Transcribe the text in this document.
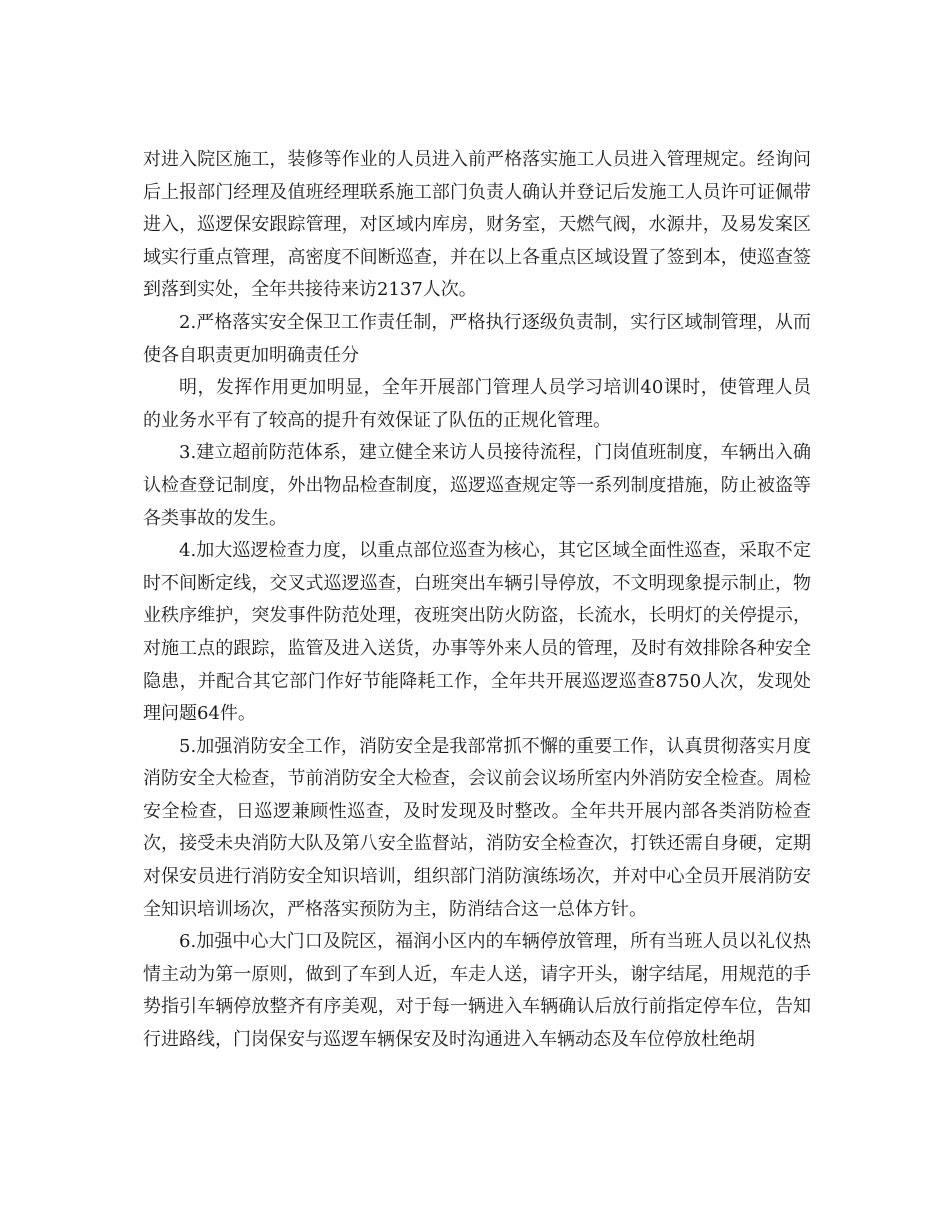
对进入院区施工，装修等作业的人员进入前严格落实施工人员进入管理规定。经询问后上报部门经理及值班经理联系施工部门负责人确认并登记后发施工人员许可证佩带进入，巡逻保安跟踪管理，对区域内库房，财务室，天燃气阀，水源井，及易发案区域实行重点管理，高密度不间断巡查，并在以上各重点区域设置了签到本，使巡查签到落到实处，全年共接待来访2137人次。

2.严格落实安全保卫工作责任制，严格执行逐级负责制，实行区域制管理，从而使各自职责更加明确责任分

明，发挥作用更加明显，全年开展部门管理人员学习培训40课时，使管理人员的业务水平有了较高的提升有效保证了队伍的正规化管理。

3.建立超前防范体系，建立健全来访人员接待流程，门岗值班制度，车辆出入确认检查登记制度，外出物品检查制度，巡逻巡查规定等一系列制度措施，防止被盗等各类事故的发生。

4.加大巡逻检查力度，以重点部位巡查为核心，其它区域全面性巡查，采取不定时不间断定线，交叉式巡逻巡查，白班突出车辆引导停放，不文明现象提示制止，物业秩序维护，突发事件防范处理，夜班突出防火防盗，长流水，长明灯的关停提示，对施工点的跟踪，监管及进入送货，办事等外来人员的管理，及时有效排除各种安全隐患，并配合其它部门作好节能降耗工作，全年共开展巡逻巡查8750人次，发现处理问题64件。

5.加强消防安全工作，消防安全是我部常抓不懈的重要工作，认真贯彻落实月度消防安全大检查，节前消防安全大检查，会议前会议场所室内外消防安全检查。周检安全检查，日巡逻兼顾性巡查，及时发现及时整改。全年共开展内部各类消防检查次，接受未央消防大队及第八安全监督站，消防安全检查次，打铁还需自身硬，定期对保安员进行消防安全知识培训，组织部门消防演练场次，并对中心全员开展消防安全知识培训场次，严格落实预防为主，防消结合这一总体方针。

6.加强中心大门口及院区，福润小区内的车辆停放管理，所有当班人员以礼仪热情主动为第一原则，做到了车到人近，车走人送，请字开头，谢字结尾，用规范的手势指引车辆停放整齐有序美观，对于每一辆进入车辆确认后放行前指定停车位，告知行进路线，门岗保安与巡逻车辆保安及时沟通进入车辆动态及车位停放杜绝胡
